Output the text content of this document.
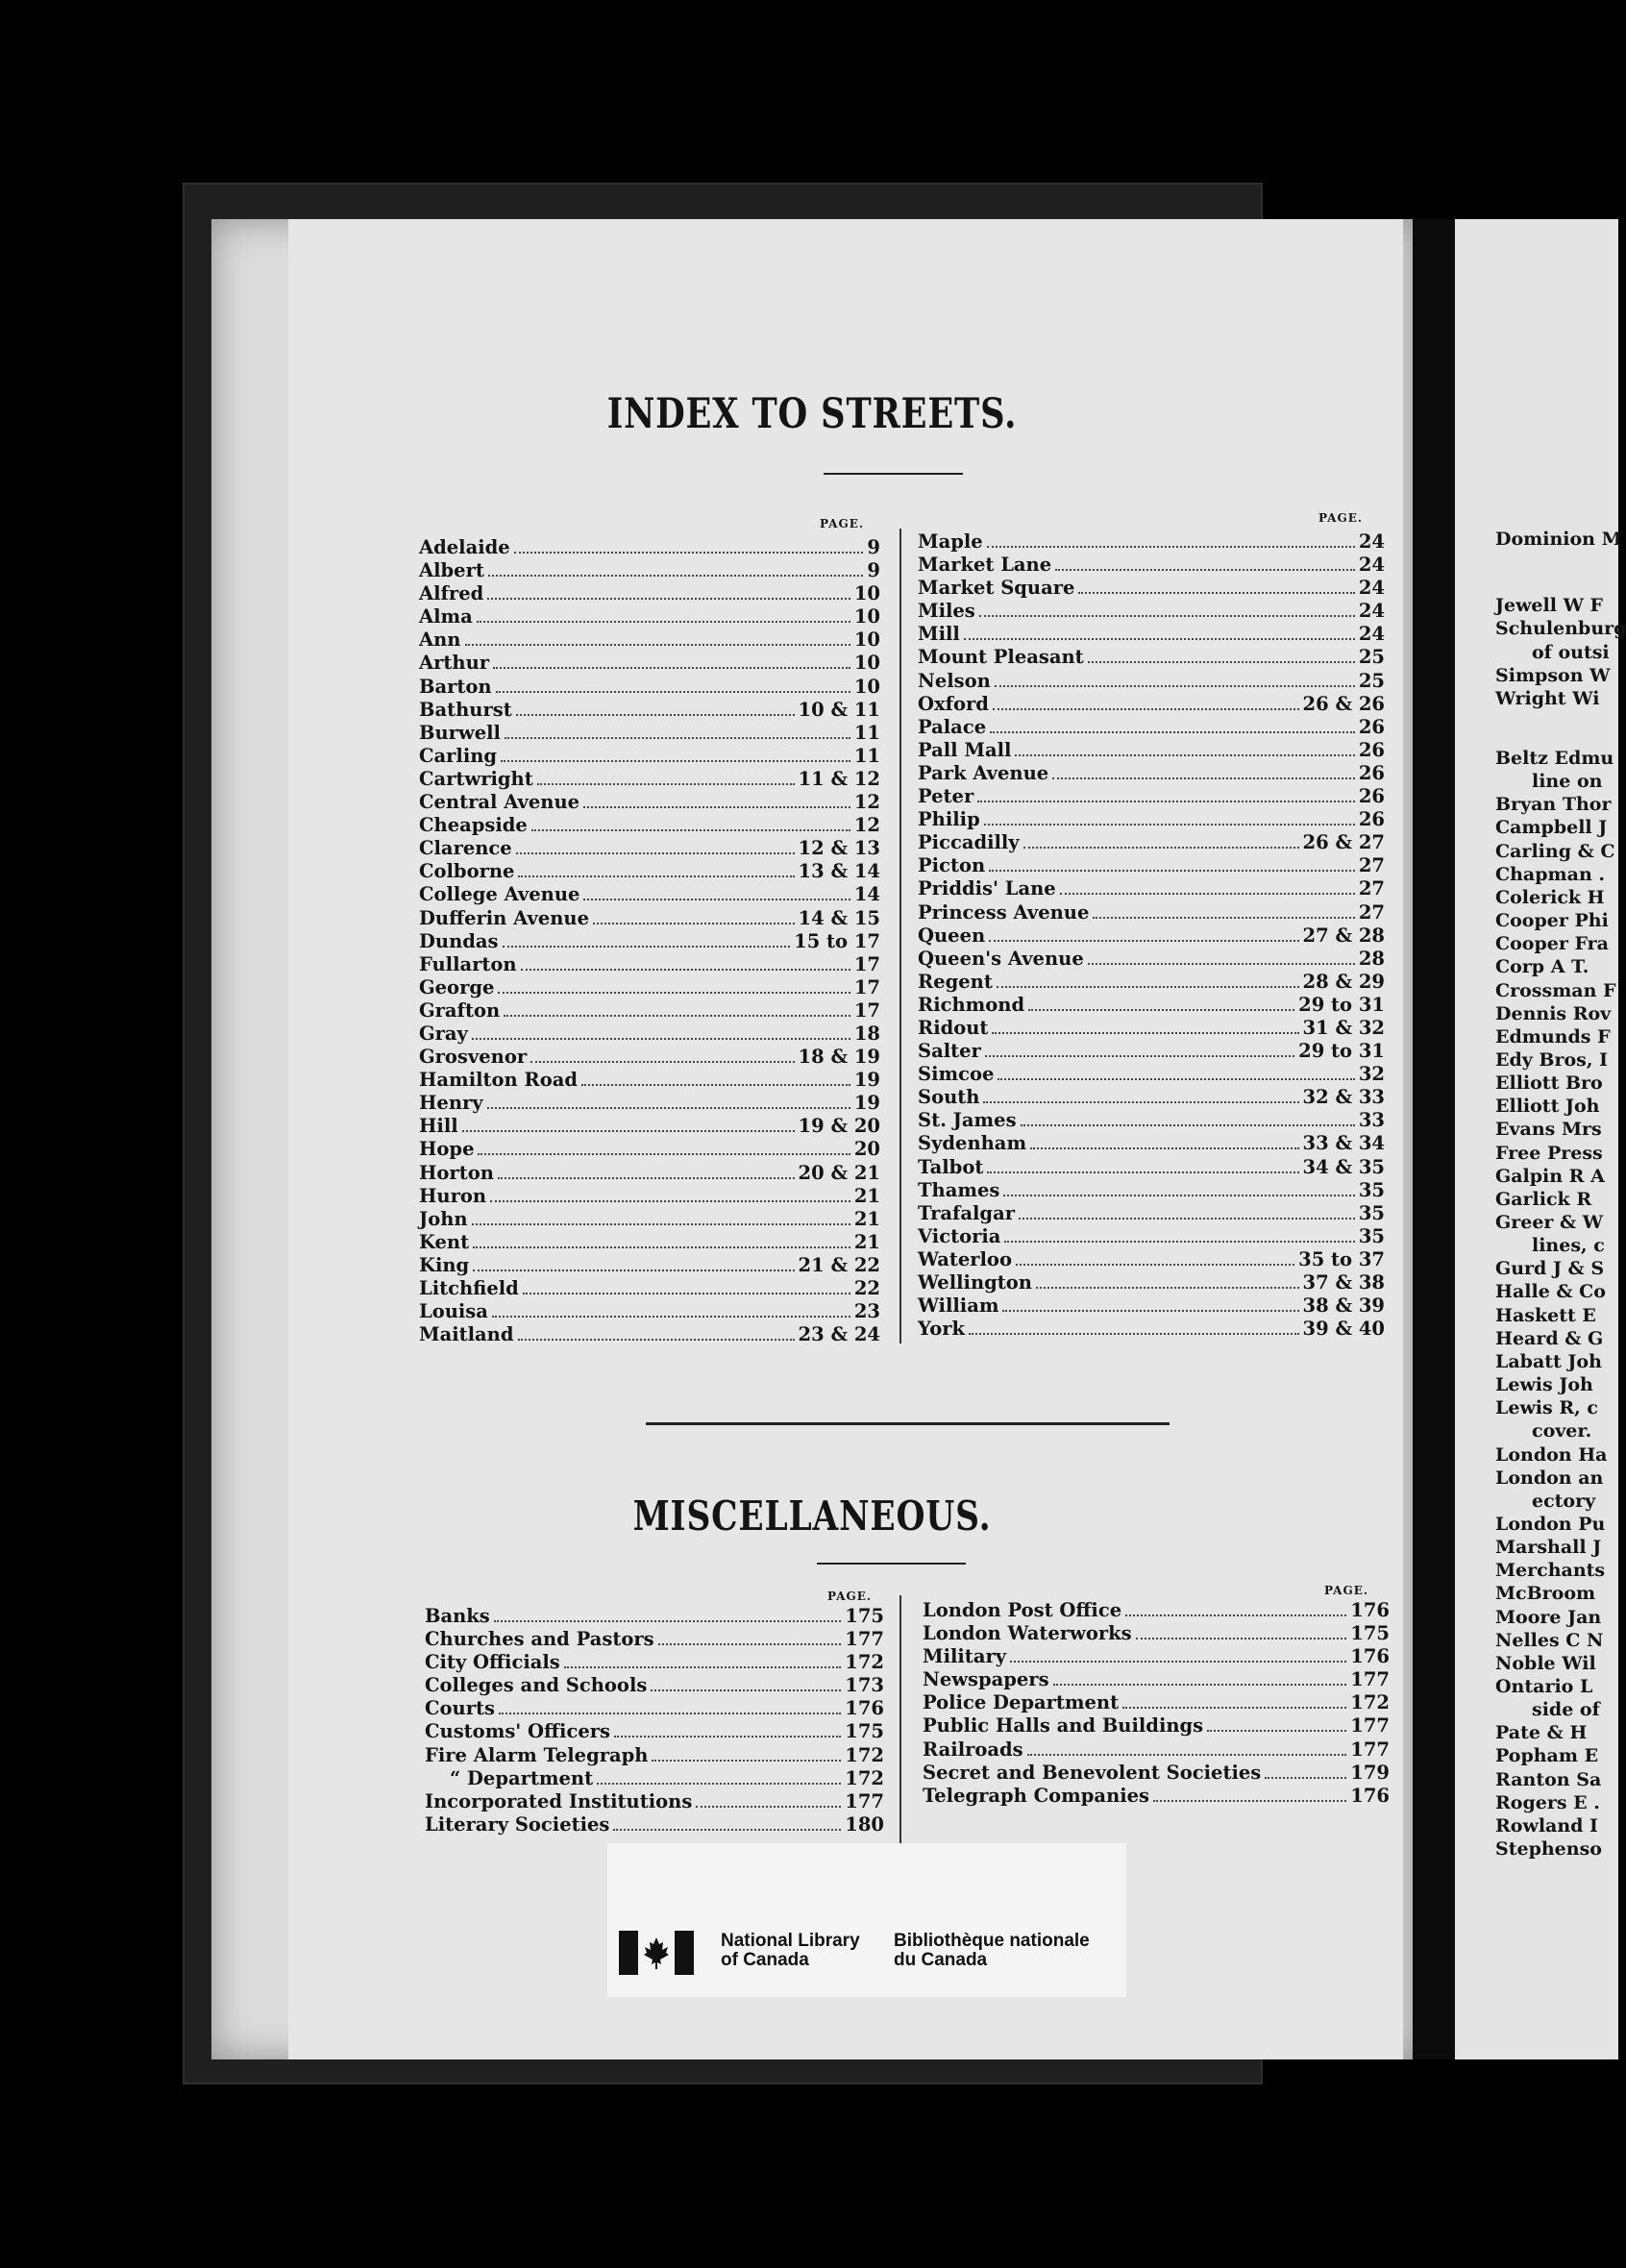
INDEX TO STREETS.
PAGE.	PAGE.
Adelaide	9
Albert	9
Alfred	10
Alma	10
Ann	10
Arthur	10
Barton	10
Bathurst	10 & 11
Burwell	11
Carling	11
Cartwright	11 & 12
Central Avenue	12
Cheapside	12
Clarence	12 & 13
Colborne	13 & 14
College Avenue	14
Dufferin Avenue	14 & 15
Dundas	15 to 17
Fullarton	17
George	17
Grafton	17
Gray	18
Grosvenor	18 & 19
Hamilton Road	19
Henry	19
Hill	19 & 20
Hope	20
Horton	20 & 21
Huron	21
John	21
Kent	21
King	21 & 22
Litchfield	22
Louisa	23
Maitland	23 & 24
Maple	24
Market Lane	24
Market Square	24
Miles	24
Mill	24
Mount Pleasant	25
Nelson	25
Oxford	26 & 26
Palace	26
Pall Mall	26
Park Avenue	26
Peter	26
Philip	26
Piccadilly	26 & 27
Picton	27
Priddis' Lane	27
Princess Avenue	27
Queen	27 & 28
Queen's Avenue	28
Regent	28 & 29
Richmond	29 to 31
Ridout	31 & 32
Salter	29 to 31
Simcoe	32
South	32 & 33
St. James	33
Sydenham	33 & 34
Talbot	34 & 35
Thames	35
Trafalgar	35
Victoria	35
Waterloo	35 to 37
Wellington	37 & 38
William	38 & 39
York	39 & 40
MISCELLANEOUS.
PAGE.	PAGE.
Banks	175
Churches and Pastors	177
City Officials	172
Colleges and Schools	173
Courts	176
Customs' Officers	175
Fire Alarm Telegraph	172
“ Department	172
Incorporated Institutions	177
Literary Societies	180
London Post Office	176
London Waterworks	175
Military	176
Newspapers	177
Police Department	172
Public Halls and Buildings	177
Railroads	177
Secret and Benevolent Societies	179
Telegraph Companies	176
Dominion M
Jewell W F
Schulenburg
of outsi
Simpson W
Wright Wi
Beltz Edmu
line on
Bryan Thor
Campbell J
Carling & C
Chapman .
Colerick H
Cooper Phi
Cooper Fra
Corp A T.
Crossman F
Dennis Rov
Edmunds F
Edy Bros, I
Elliott Bro
Elliott Joh
Evans Mrs
Free Press
Galpin R A
Garlick R
Greer & W
lines, c
Gurd J & S
Halle & Co
Haskett E
Heard & G
Labatt Joh
Lewis Joh
Lewis R, c
cover.
London Ha
London an
ectory
London Pu
Marshall J
Merchants
McBroom
Moore Jan
Nelles C N
Noble Wil
Ontario L
side of
Pate & H
Popham E
Ranton Sa
Rogers E .
Rowland I
Stephenso
National Library
of Canada
Bibliothèque nationale
du Canada
